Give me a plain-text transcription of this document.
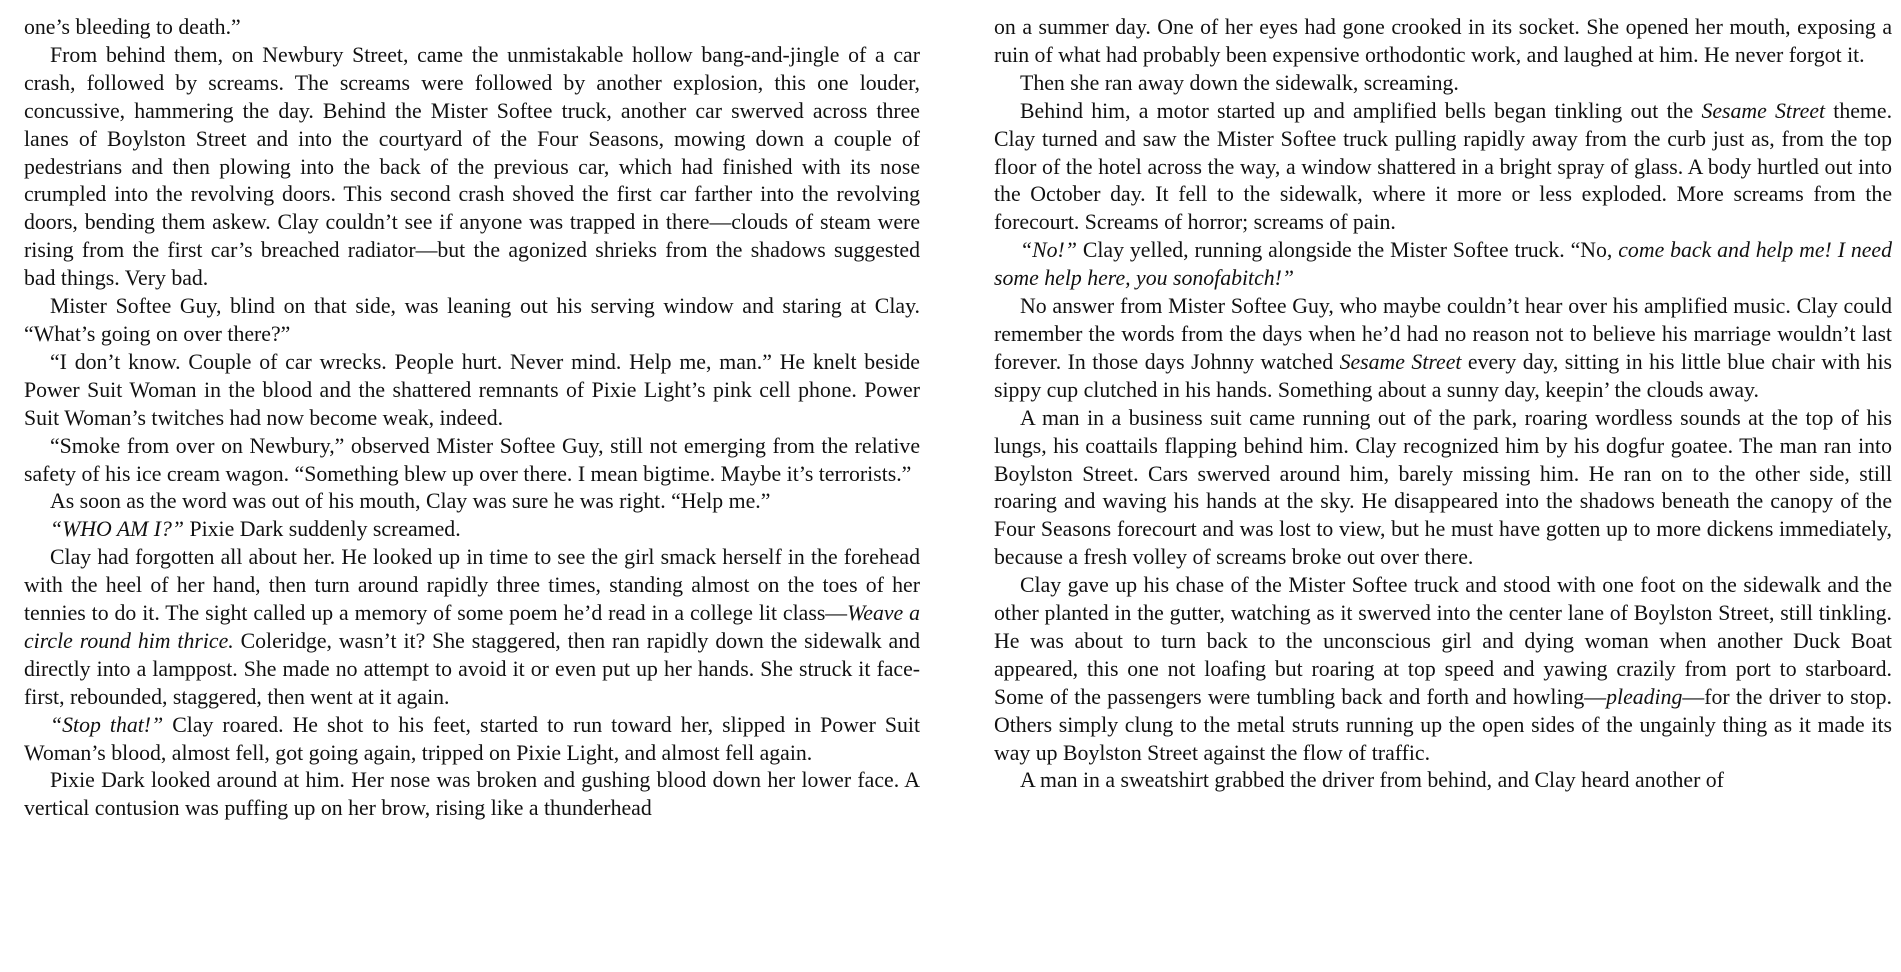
one’s bleeding to death.”

From behind them, on Newbury Street, came the unmistakable hollow bang-and-jingle of a car crash, followed by screams. The screams were followed by another explosion, this one louder, concussive, hammering the day. Behind the Mister Softee truck, another car swerved across three lanes of Boylston Street and into the courtyard of the Four Seasons, mowing down a couple of pedestrians and then plowing into the back of the previous car, which had finished with its nose crumpled into the revolving doors. This second crash shoved the first car farther into the revolving doors, bending them askew. Clay couldn’t see if anyone was trapped in there—clouds of steam were rising from the first car’s breached radiator—but the agonized shrieks from the shadows suggested bad things. Very bad.

Mister Softee Guy, blind on that side, was leaning out his serving window and staring at Clay. “What’s going on over there?”

“I don’t know. Couple of car wrecks. People hurt. Never mind. Help me, man.” He knelt beside Power Suit Woman in the blood and the shattered remnants of Pixie Light’s pink cell phone. Power Suit Woman’s twitches had now become weak, indeed.

“Smoke from over on Newbury,” observed Mister Softee Guy, still not emerging from the relative safety of his ice cream wagon. “Something blew up over there. I mean bigtime. Maybe it’s terrorists.”

As soon as the word was out of his mouth, Clay was sure he was right. “Help me.”

“WHO AM I?” Pixie Dark suddenly screamed.

Clay had forgotten all about her. He looked up in time to see the girl smack herself in the forehead with the heel of her hand, then turn around rapidly three times, standing almost on the toes of her tennies to do it. The sight called up a memory of some poem he’d read in a college lit class—Weave a circle round him thrice. Coleridge, wasn’t it? She staggered, then ran rapidly down the sidewalk and directly into a lamppost. She made no attempt to avoid it or even put up her hands. She struck it face-first, rebounded, staggered, then went at it again.

“Stop that!” Clay roared. He shot to his feet, started to run toward her, slipped in Power Suit Woman’s blood, almost fell, got going again, tripped on Pixie Light, and almost fell again.

Pixie Dark looked around at him. Her nose was broken and gushing blood down her lower face. A vertical contusion was puffing up on her brow, rising like a thunderhead

on a summer day. One of her eyes had gone crooked in its socket. She opened her mouth, exposing a ruin of what had probably been expensive orthodontic work, and laughed at him. He never forgot it.

Then she ran away down the sidewalk, screaming.

Behind him, a motor started up and amplified bells began tinkling out the Sesame Street theme. Clay turned and saw the Mister Softee truck pulling rapidly away from the curb just as, from the top floor of the hotel across the way, a window shattered in a bright spray of glass. A body hurtled out into the October day. It fell to the sidewalk, where it more or less exploded. More screams from the forecourt. Screams of horror; screams of pain.

“No!” Clay yelled, running alongside the Mister Softee truck. “No, come back and help me! I need some help here, you sonofabitch!”

No answer from Mister Softee Guy, who maybe couldn’t hear over his amplified music. Clay could remember the words from the days when he’d had no reason not to believe his marriage wouldn’t last forever. In those days Johnny watched Sesame Street every day, sitting in his little blue chair with his sippy cup clutched in his hands. Something about a sunny day, keepin’ the clouds away.

A man in a business suit came running out of the park, roaring wordless sounds at the top of his lungs, his coattails flapping behind him. Clay recognized him by his dogfur goatee. The man ran into Boylston Street. Cars swerved around him, barely missing him. He ran on to the other side, still roaring and waving his hands at the sky. He disappeared into the shadows beneath the canopy of the Four Seasons forecourt and was lost to view, but he must have gotten up to more dickens immediately, because a fresh volley of screams broke out over there.

Clay gave up his chase of the Mister Softee truck and stood with one foot on the sidewalk and the other planted in the gutter, watching as it swerved into the center lane of Boylston Street, still tinkling. He was about to turn back to the unconscious girl and dying woman when another Duck Boat appeared, this one not loafing but roaring at top speed and yawing crazily from port to starboard. Some of the passengers were tumbling back and forth and howling—pleading—for the driver to stop. Others simply clung to the metal struts running up the open sides of the ungainly thing as it made its way up Boylston Street against the flow of traffic.

A man in a sweatshirt grabbed the driver from behind, and Clay heard another of
